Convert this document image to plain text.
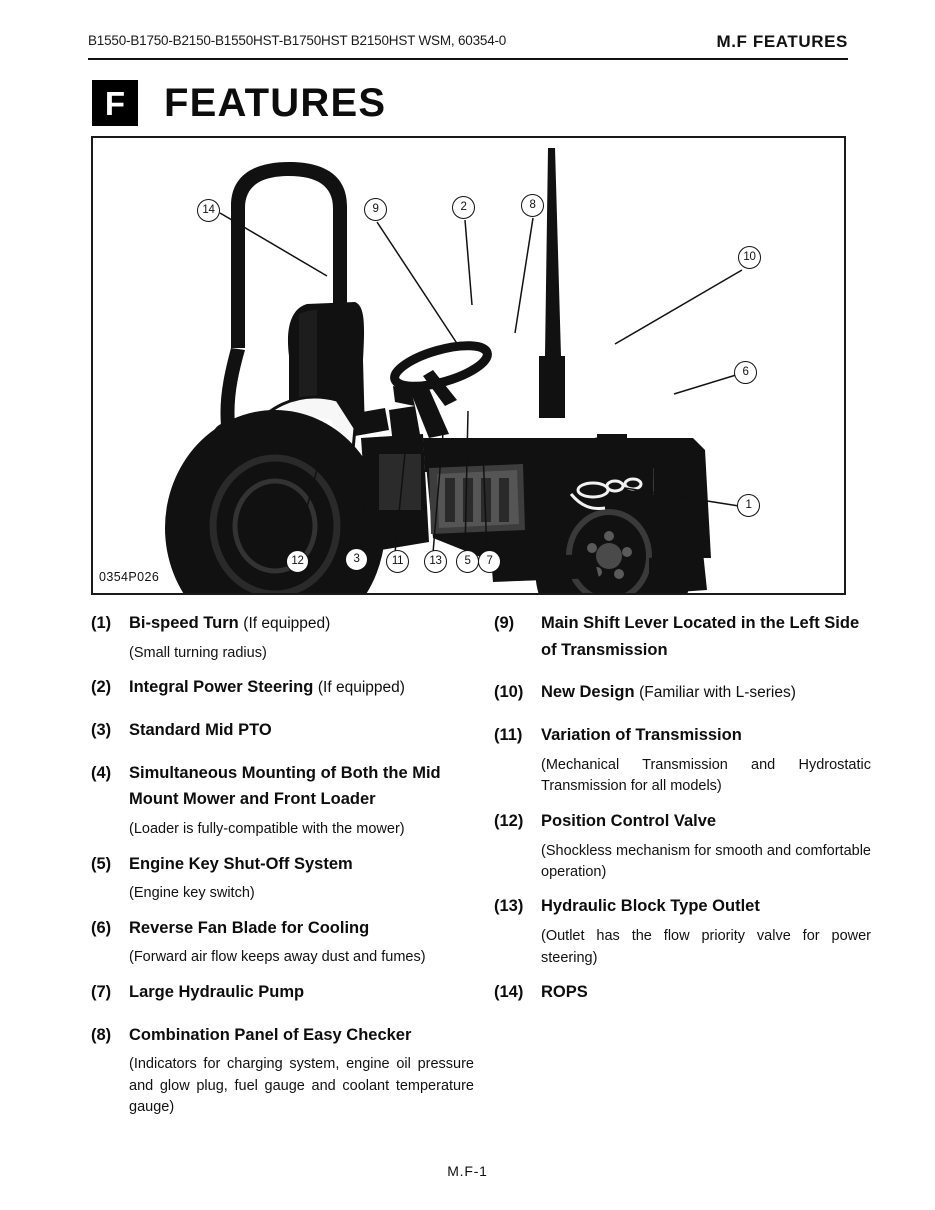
B1550-B1750-B2150-B1550HST-B1750HST B2150HST WSM, 60354-0	M.F FEATURES
F FEATURES
0354P026
14	9	2	8
10
6
1
12	3	11	13	5	7
(1)	Bi-speed Turn (If equipped)
(Small turning radius)
(2)	Integral Power Steering (If equipped)
(3)	Standard Mid PTO
(4)	Simultaneous Mounting of Both the Mid Mount Mower and Front Loader
(Loader is fully-compatible with the mower)
(5)	Engine Key Shut-Off System
(Engine key switch)
(6)	Reverse Fan Blade for Cooling
(Forward air flow keeps away dust and fumes)
(7)	Large Hydraulic Pump
(8)	Combination Panel of Easy Checker
(Indicators for charging system, engine oil pressure and glow plug, fuel gauge and coolant temperature gauge)
(9)	Main Shift Lever Located in the Left Side of Transmission
(10)	New Design (Familiar with L-series)
(11)	Variation of Transmission
(Mechanical Transmission and Hydrostatic Transmission for all models)
(12)	Position Control Valve
(Shockless mechanism for smooth and comfortable operation)
(13)	Hydraulic Block Type Outlet
(Outlet has the flow priority valve for power steering)
(14)	ROPS
M.F-1
